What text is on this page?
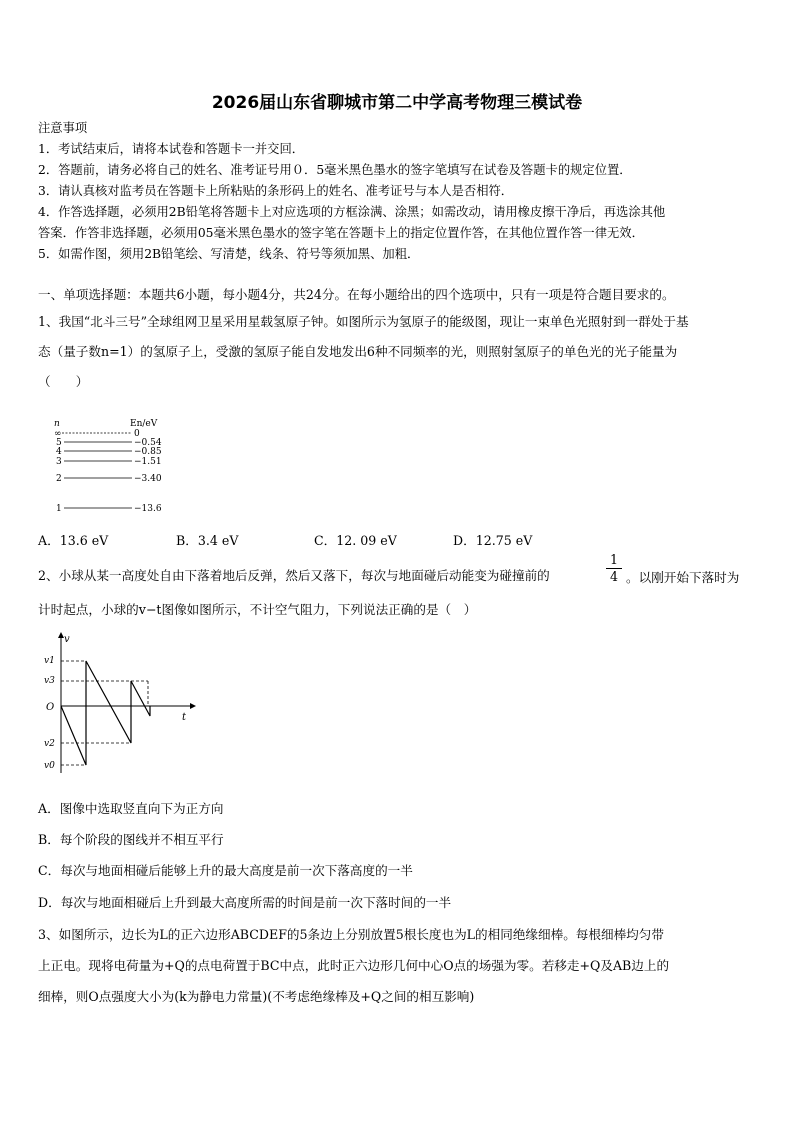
2026届山东省聊城市第二中学高考物理三模试卷
注意事项
1．考试结束后，请将本试卷和答题卡一并交回．
2．答题前，请务必将自己的姓名、准考证号用０．5毫米黑色墨水的签字笔填写在试卷及答题卡的规定位置．
3．请认真核对监考员在答题卡上所粘贴的条形码上的姓名、准考证号与本人是否相符．
4．作答选择题，必须用2B铅笔将答题卡上对应选项的方框涂满、涂黑；如需改动，请用橡皮擦干净后，再选涂其他
答案．作答非选择题，必须用05毫米黑色墨水的签字笔在答题卡上的指定位置作答，在其他位置作答一律无效．
5．如需作图，须用2B铅笔绘、写清楚，线条、符号等须加黑、加粗．
一、单项选择题：本题共6小题，每小题4分，共24分。在每小题给出的四个选项中，只有一项是符合题目要求的。
1、我国“北斗三号”全球组网卫星采用星载氢原子钟。如图所示为氢原子的能级图，现让一束单色光照射到一群处于基
态（量子数n=1）的氢原子上，受激的氢原子能自发地发出6种不同频率的光，则照射氢原子的单色光的光子能量为
（　　）
n	En/eV
∞	0
5	−0.54
4	−0.85
3	−1.51
2	−3.40
1	−13.6
A．13.6 eV	B．3.4 eV	C．12. 09 eV	D．12.75 eV
2、小球从某一高度处自由下落着地后反弹，然后又落下，每次与地面碰后动能变为碰撞前的
1
4 。以刚开始下落时为
计时起点，小球的v−t图像如图所示，不计空气阻力，下列说法正确的是（　）
v
t
O
v1
v3
v2
v0
A．图像中选取竖直向下为正方向
B．每个阶段的图线并不相互平行
C．每次与地面相碰后能够上升的最大高度是前一次下落高度的一半
D．每次与地面相碰后上升到最大高度所需的时间是前一次下落时间的一半
3、如图所示，边长为L的正六边形ABCDEF的5条边上分别放置5根长度也为L的相同绝缘细棒。每根细棒均匀带
上正电。现将电荷量为+Q的点电荷置于BC中点，此时正六边形几何中心O点的场强为零。若移走+Q及AB边上的
细棒，则O点强度大小为(k为静电力常量)(不考虑绝缘棒及+Q之间的相互影响)
